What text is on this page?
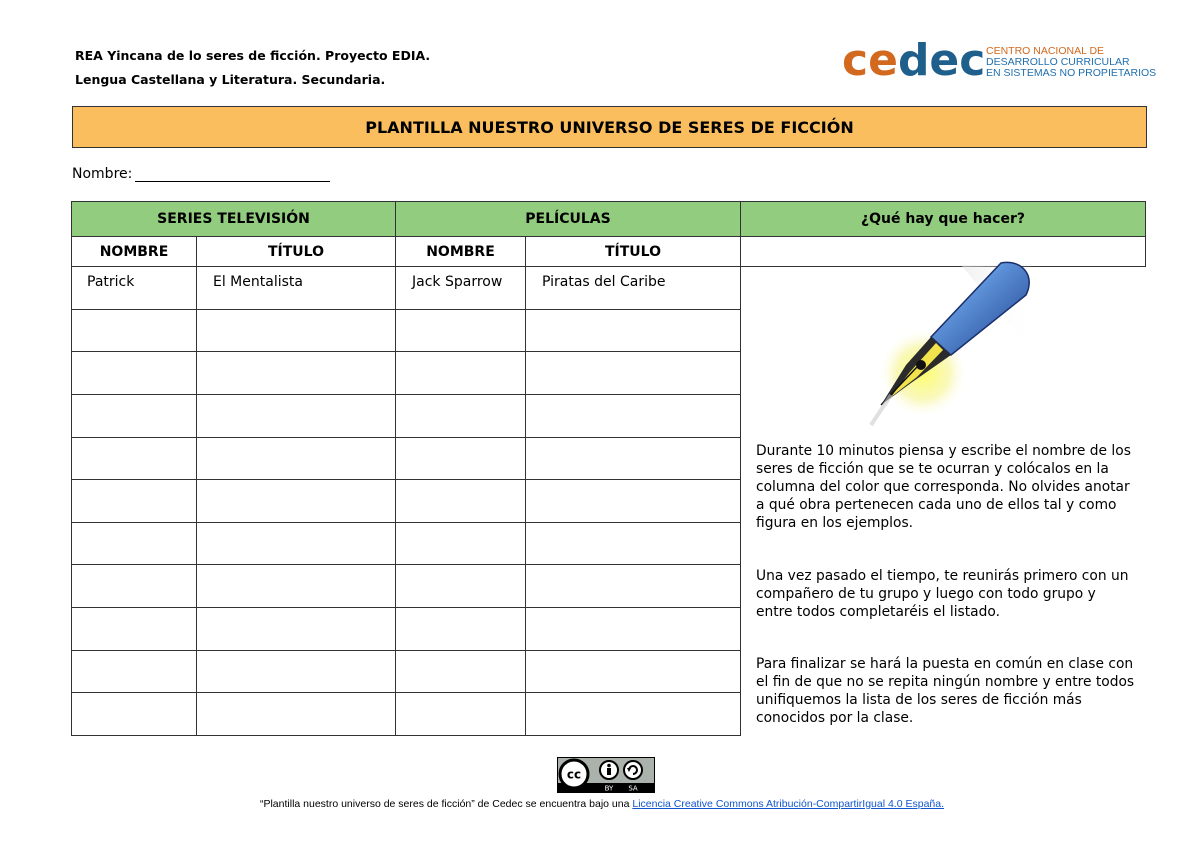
REA Yincana de lo seres de ficción. Proyecto EDIA.
Lengua Castellana y Literatura. Secundaria.	cedec CENTRO NACIONAL DE
DESARROLLO CURRICULAR
EN SISTEMAS NO PROPIETARIOS
PLANTILLA NUESTRO UNIVERSO DE SERES DE FICCIÓN
Nombre:
SERIES TELEVISIÓN		PELÍCULAS		¿Qué hay que hacer?
NOMBRE	TÍTULO	NOMBRE	TÍTULO	Durante 10 minutos piensa y escribe el nombre de los seres de ficción que se te ocurran y colócalos en la columna del color que corresponda. No olvides anotar a qué obra pertenecen cada uno de ellos tal y como figura en los ejemplos.
Una vez pasado el tiempo, te reunirás primero con un compañero de tu grupo y luego con todo grupo y entre todos completaréis el listado.
Para finalizar se hará la puesta en común en clase con el fin de que no se repita ningún nombre y entre todos unifiquemos la lista de los seres de ficción más conocidos por la clase.

Patrick	El Mentalista	Jack Sparrow	Piratas del Caribe	

cc
BY SA
“Plantilla nuestro universo de seres de ficción” de Cedec se encuentra bajo una Licencia Creative Commons Atribución-CompartirIgual 4.0 España.
